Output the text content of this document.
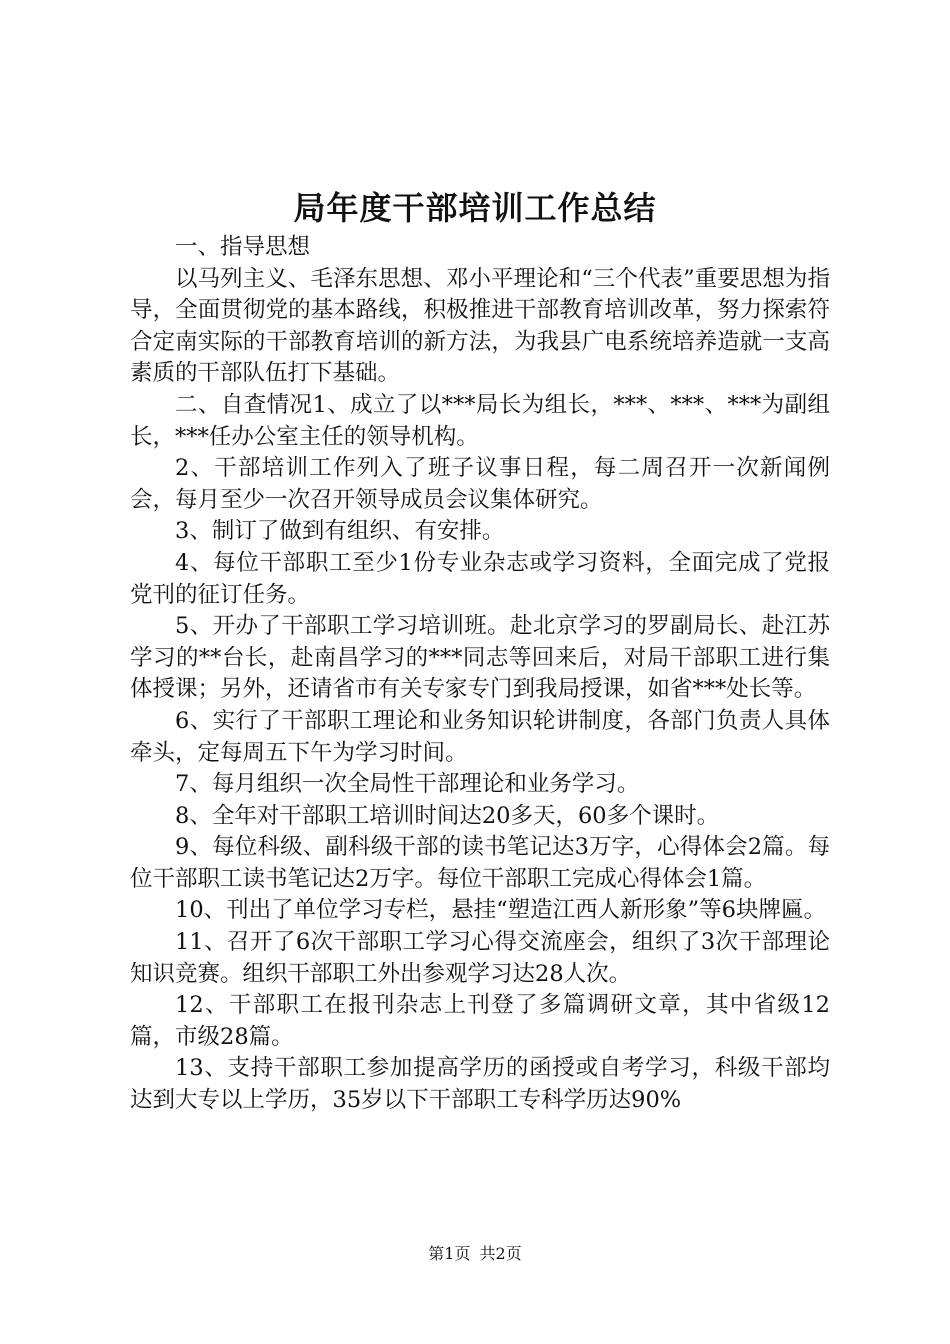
局年度干部培训工作总结

一、指导思想

以马列主义、毛泽东思想、邓小平理论和“三个代表”重要思想为指导，全面贯彻党的基本路线，积极推进干部教育培训改革，努力探索符合定南实际的干部教育培训的新方法，为我县广电系统培养造就一支高素质的干部队伍打下基础。

二、自查情况1、成立了以***局长为组长，***、***、***为副组长，***任办公室主任的领导机构。

2、干部培训工作列入了班子议事日程，每二周召开一次新闻例会，每月至少一次召开领导成员会议集体研究。

3、制订了做到有组织、有安排。

4、每位干部职工至少1份专业杂志或学习资料，全面完成了党报党刊的征订任务。

5、开办了干部职工学习培训班。赴北京学习的罗副局长、赴江苏学习的**台长，赴南昌学习的***同志等回来后，对局干部职工进行集体授课；另外，还请省市有关专家专门到我局授课，如省***处长等。

6、实行了干部职工理论和业务知识轮讲制度，各部门负责人具体牵头，定每周五下午为学习时间。

7、每月组织一次全局性干部理论和业务学习。

8、全年对干部职工培训时间达20多天，60多个课时。

9、每位科级、副科级干部的读书笔记达3万字，心得体会2篇。每位干部职工读书笔记达2万字。每位干部职工完成心得体会1篇。

10、刊出了单位学习专栏，悬挂“塑造江西人新形象”等6块牌匾。

11、召开了6次干部职工学习心得交流座会，组织了3次干部理论知识竞赛。组织干部职工外出参观学习达28人次。

12、干部职工在报刊杂志上刊登了多篇调研文章，其中省级12篇，市级28篇。

13、支持干部职工参加提高学历的函授或自考学习，科级干部均达到大专以上学历，35岁以下干部职工专科学历达90%

第1页 共2页
